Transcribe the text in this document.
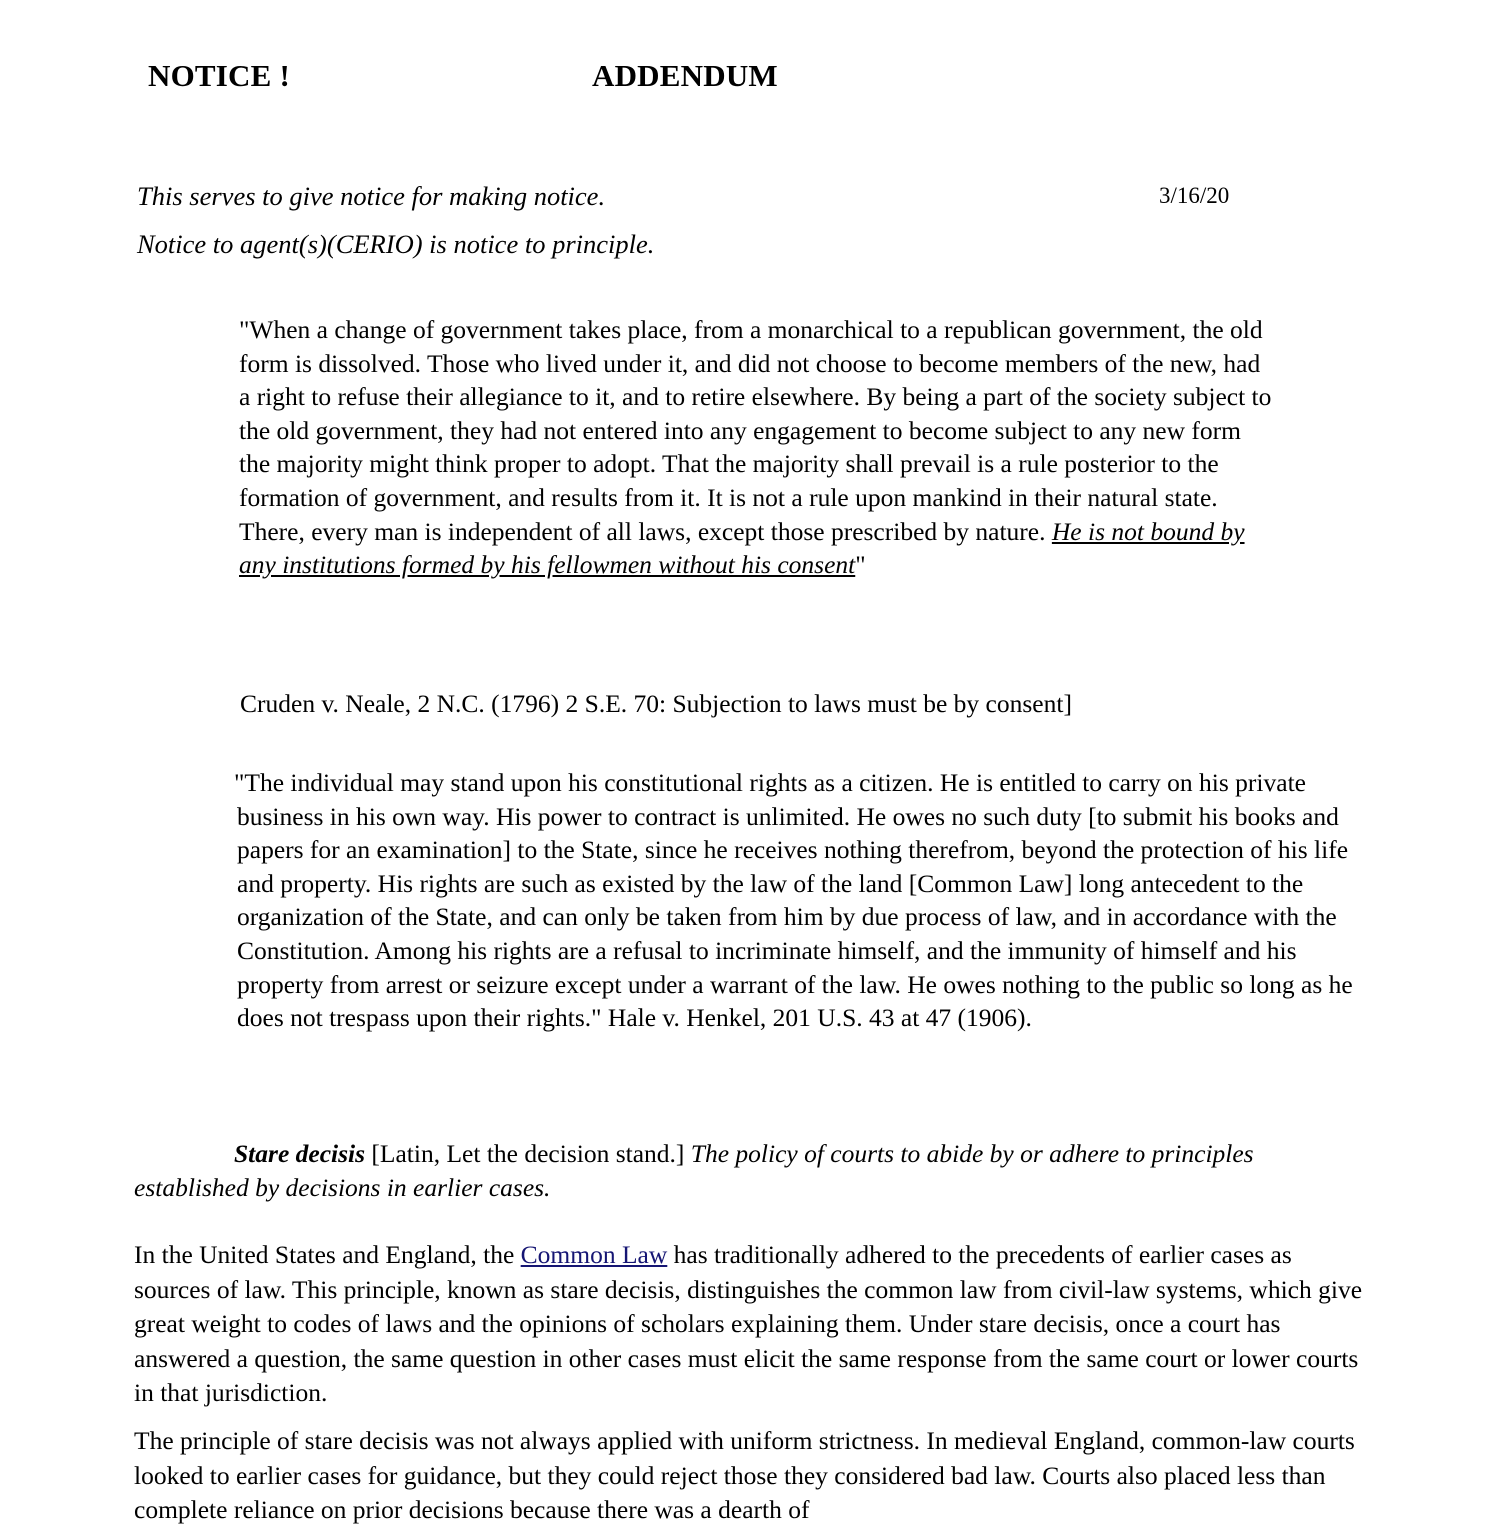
NOTICE !	ADDENDUM
This serves to give notice for making notice.	3/16/20
Notice to agent(s)(CERIO) is notice to principle.
"When a change of government takes place, from a monarchical to a republican government, the old form is dissolved. Those who lived under it, and did not choose to become members of the new, had a right to refuse their allegiance to it, and to retire elsewhere. By being a part of the society subject to the old government, they had not entered into any engagement to become subject to any new form the majority might think proper to adopt. That the majority shall prevail is a rule posterior to the formation of government, and results from it. It is not a rule upon mankind in their natural state. There, every man is independent of all laws, except those prescribed by nature. He is not bound by any institutions formed by his fellowmen without his consent"
Cruden v. Neale, 2 N.C. (1796) 2 S.E. 70: Subjection to laws must be by consent]
"The individual may stand upon his constitutional rights as a citizen. He is entitled to carry on his private business in his own way. His power to contract is unlimited. He owes no such duty [to submit his books and papers for an examination] to the State, since he receives nothing therefrom, beyond the protection of his life and property. His rights are such as existed by the law of the land [Common Law] long antecedent to the organization of the State, and can only be taken from him by due process of law, and in accordance with the Constitution. Among his rights are a refusal to incriminate himself, and the immunity of himself and his property from arrest or seizure except under a warrant of the law. He owes nothing to the public so long as he does not trespass upon their rights." Hale v. Henkel, 201 U.S. 43 at 47 (1906).
Stare decisis [Latin, Let the decision stand.] The policy of courts to abide by or adhere to principles established by decisions in earlier cases.
In the United States and England, the Common Law has traditionally adhered to the precedents of earlier cases as sources of law. This principle, known as stare decisis, distinguishes the common law from civil-law systems, which give great weight to codes of laws and the opinions of scholars explaining them. Under stare decisis, once a court has answered a question, the same question in other cases must elicit the same response from the same court or lower courts in that jurisdiction.
The principle of stare decisis was not always applied with uniform strictness. In medieval England, common-law courts looked to earlier cases for guidance, but they could reject those they considered bad law. Courts also placed less than complete reliance on prior decisions because there was a dearth of
